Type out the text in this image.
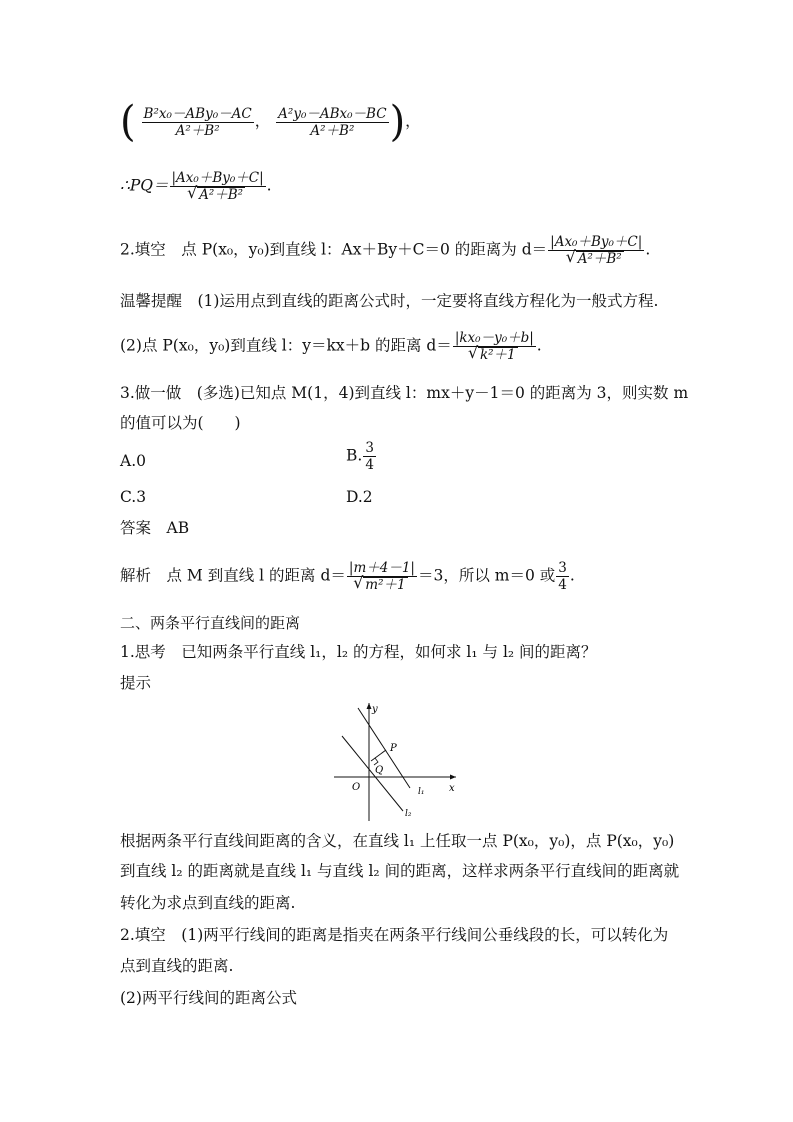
( $\frac{\text{B²x₀－ABy₀－AC}}{\text{A²＋B²}}$ ， $\frac{\text{A²y₀－ABx₀－BC}}{\text{A²＋B²}}$ )，
∴PQ＝ |Ax₀＋By₀＋C|
√ A²＋B² .
2.填空　点 P(x₀，y₀)到直线 l：Ax＋By＋C＝0 的距离为 d＝ |Ax₀＋By₀＋C|
√ A²＋B² .
温馨提醒　(1)运用点到直线的距离公式时，一定要将直线方程化为一般式方程.
(2)点 P(x₀，y₀)到直线 l：y＝kx＋b 的距离 d＝ |kx₀－y₀＋b|
√ k²＋1 .
3.做一做　(多选)已知点 M(1，4)到直线 l：mx＋y－1＝0 的距离为 3，则实数 m
的值可以为(　　)
A.0	B. $\frac{3}{4}$
C.3	D.2
答案　AB
解析　点 M 到直线 l 的距离 d＝ |m＋4－1|
√ m²＋1 ＝3，所以 m＝0 或 $\frac{3}{4}$ .
二、两条平行直线间的距离
1.思考　已知两条平行直线 l₁，l₂ 的方程，如何求 l₁ 与 l₂ 间的距离？
提示
y
x
O
P
Q
l₁
l₂
根据两条平行直线间距离的含义，在直线 l₁ 上任取一点 P(x₀，y₀)，点 P(x₀，y₀)
到直线 l₂ 的距离就是直线 l₁ 与直线 l₂ 间的距离，这样求两条平行直线间的距离就
转化为求点到直线的距离.
2.填空　(1)两平行线间的距离是指夹在两条平行线间公垂线段的长，可以转化为
点到直线的距离.
(2)两平行线间的距离公式
